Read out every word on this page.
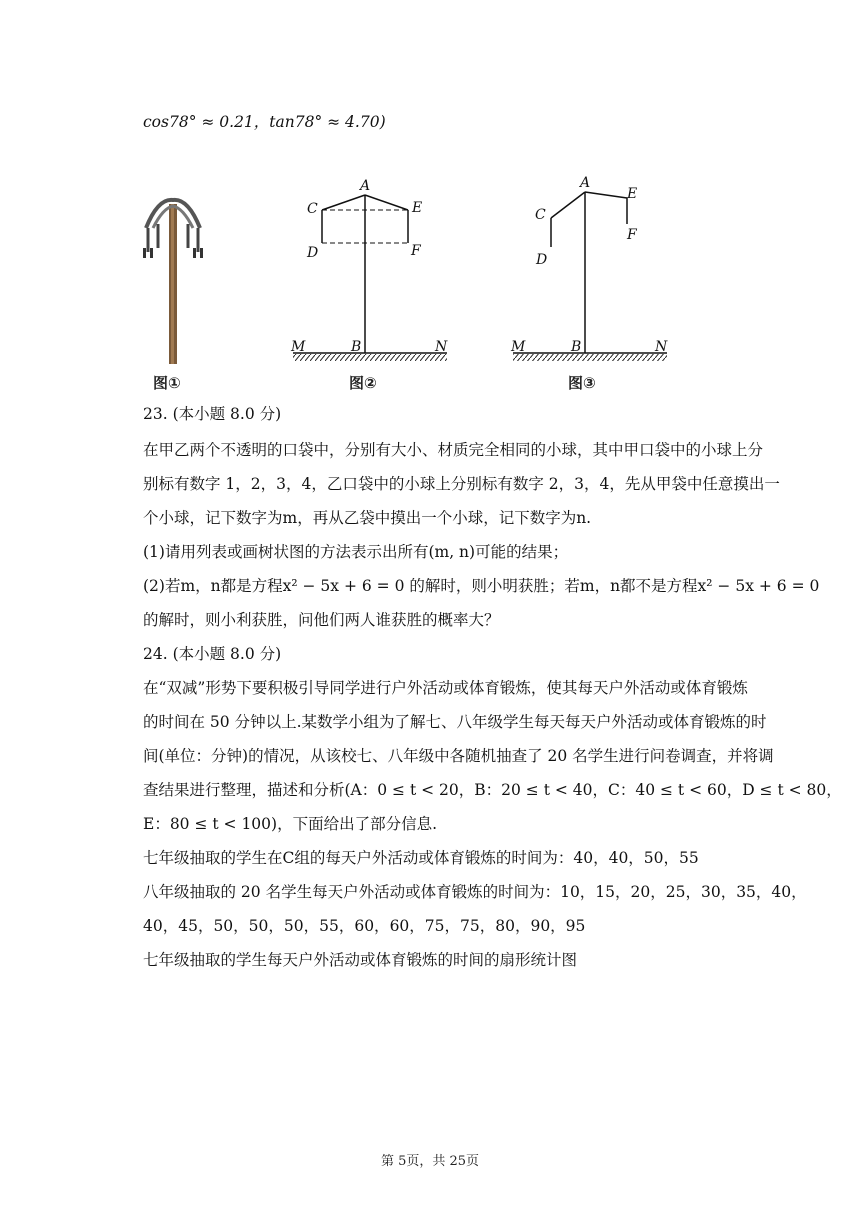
cos78° ≈ 0.21，tan78° ≈ 4.70)
图①
A
C	E
D	F
M	B	N
图②
A
C
E
D
F
M	B	N
图③
23. (本小题 8.0 分)
在甲乙两个不透明的口袋中，分别有大小、材质完全相同的小球，其中甲口袋中的小球上分
别标有数字 1，2，3，4，乙口袋中的小球上分别标有数字 2，3，4，先从甲袋中任意摸出一
个小球，记下数字为m，再从乙袋中摸出一个小球，记下数字为n.
(1)请用列表或画树状图的方法表示出所有(m, n)可能的结果；
(2)若m，n都是方程x² − 5x + 6 = 0 的解时，则小明获胜；若m，n都不是方程x² − 5x + 6 = 0
的解时，则小利获胜，问他们两人谁获胜的概率大？
24. (本小题 8.0 分)
在“双减”形势下要积极引导同学进行户外活动或体育锻炼，使其每天户外活动或体育锻炼
的时间在 50 分钟以上.某数学小组为了解七、八年级学生每天每天户外活动或体育锻炼的时
间(单位：分钟)的情况，从该校七、八年级中各随机抽查了 20 名学生进行问卷调查，并将调
查结果进行整理，描述和分析(A：0 ≤ t < 20，B：20 ≤ t < 40，C：40 ≤ t < 60，D ≤ t < 80，
E：80 ≤ t < 100)，下面给出了部分信息.
七年级抽取的学生在C组的每天户外活动或体育锻炼的时间为：40，40，50，55
八年级抽取的 20 名学生每天户外活动或体育锻炼的时间为：10，15，20，25，30，35，40，
40，45，50，50，50，55，60，60，75，75，80，90，95
七年级抽取的学生每天户外活动或体育锻炼的时间的扇形统计图
第 5页，共 25页
